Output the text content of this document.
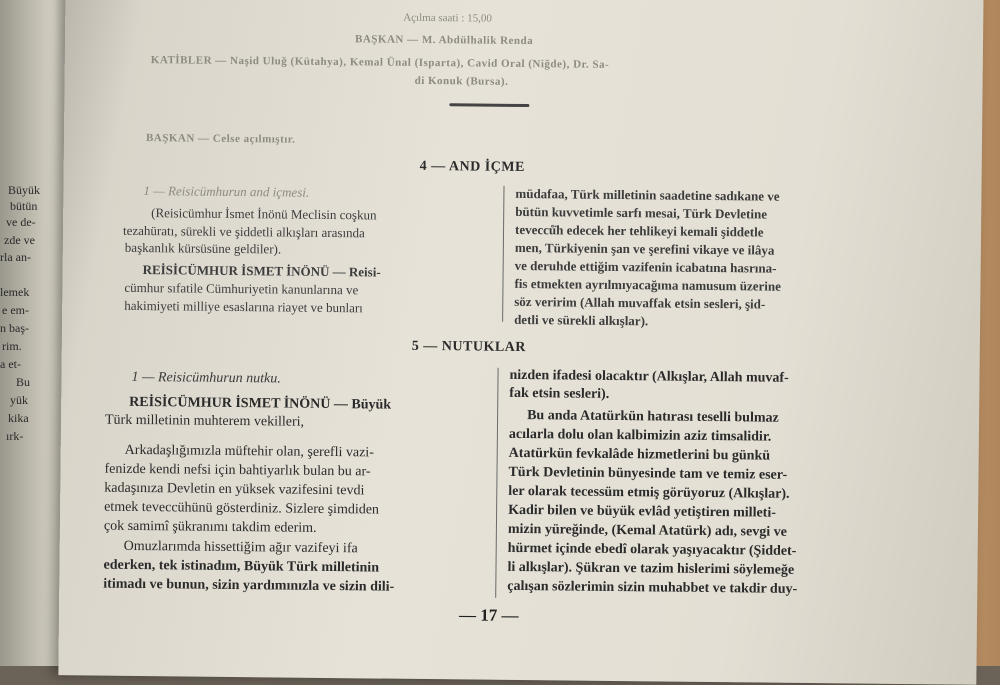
Büyük
bütün
ve de-
zde ve
rla an-
lemek
e em-
n baş-
rim.
a et-
Bu
yük
kika
ırk-
Açılma saati : 15,00
BAŞKAN — M. Abdülhalik Renda
KATİBLER — Naşid Uluğ (Kütahya), Kemal Ünal (Isparta), Cavid Oral (Niğde), Dr. Sa-
di Konuk (Bursa).
BAŞKAN — Celse açılmıştır.
4 — AND İÇME
1 — Reisicümhurun and içmesi.
(Reisicümhur İsmet İnönü Meclisin coşkun
tezahüratı, sürekli ve şiddetli alkışları arasında
başkanlık kürsüsüne geldiler).
REİSİCÜMHUR İSMET İNÖNÜ — Reisi-
cümhur sıfatile Cümhuriyetin kanunlarına ve
hakimiyeti milliye esaslarına riayet ve bunları
müdafaa, Türk milletinin saadetine sadıkane ve
bütün kuvvetimle sarfı mesai, Türk Devletine
tevecců̈h edecek her tehlikeyi kemali şiddetle
men, Türkiyenin şan ve şerefini vikaye ve ilâya
ve deruhde ettiğim vazifenin icabatına hasrına-
fis etmekten ayrılmıyacağıma namusum üzerine
söz veririm (Allah muvaffak etsin sesleri, şid-
detli ve sürekli alkışlar).
5 — NUTUKLAR
1 — Reisicümhurun nutku.
REİSİCÜMHUR İSMET İNÖNÜ — Büyük
Türk milletinin muhterem vekilleri,
Arkadaşlığımızla müftehir olan, şerefli vazi-
fenizde kendi nefsi için bahtiyarlık bulan bu ar-
kadaşınıza Devletin en yüksek vazifesini tevdi
etmek teveccühünü gösterdiniz. Sizlere şimdiden
çok samimî şükranımı takdim ederim.
Omuzlarımda hissettiğim ağır vazifeyi ifa
ederken, tek istinadım, Büyük Türk milletinin
itimadı ve bunun, sizin yardımınızla ve sizin dili-
nizden ifadesi olacaktır (Alkışlar, Allah muvaf-
fak etsin sesleri).
Bu anda Atatürkün hatırası teselli bulmaz
acılarla dolu olan kalbimizin aziz timsalidir.
Atatürkün fevkalâde hizmetlerini bu günkü
Türk Devletinin bünyesinde tam ve temiz eser-
ler olarak tecessüm etmiş görüyoruz (Alkışlar).
Kadir bilen ve büyük evlâd yetiştiren milleti-
mizin yüreğinde, (Kemal Atatürk) adı, sevgi ve
hürmet içinde ebedî olarak yaşıyacaktır (Şiddet-
li alkışlar). Şükran ve tazim hislerimi söylemeğe
çalışan sözlerimin sizin muhabbet ve takdir duy-
— 17 —
